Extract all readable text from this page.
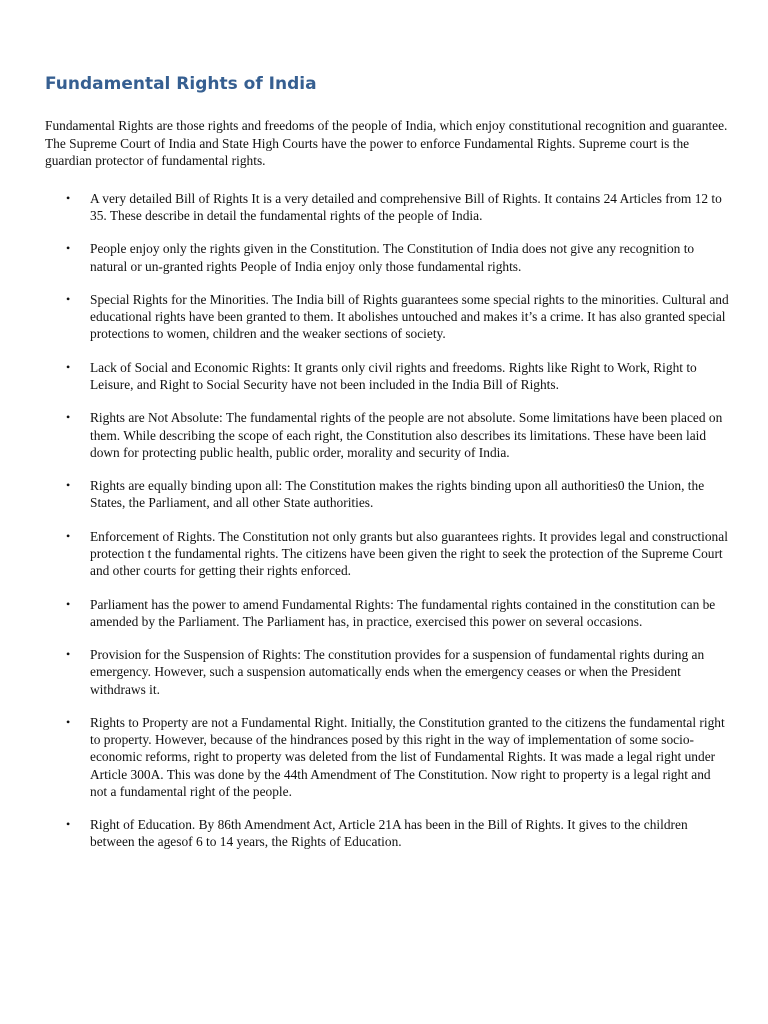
Fundamental Rights of India

Fundamental Rights are those rights and freedoms of the people of India, which enjoy constitutional recognition and guarantee. The Supreme Court of India and State High Courts have the power to enforce Fundamental Rights. Supreme court is the guardian protector of fundamental rights.

• A very detailed Bill of Rights It is a very detailed and comprehensive Bill of Rights. It contains 24 Articles from 12 to 35. These describe in detail the fundamental rights of the people of India.
• People enjoy only the rights given in the Constitution. The Constitution of India does not give any recognition to natural or un-granted rights People of India enjoy only those fundamental rights.
• Special Rights for the Minorities. The India bill of Rights guarantees some special rights to the minorities. Cultural and educational rights have been granted to them. It abolishes untouched and makes it’s a crime. It has also granted special protections to women, children and the weaker sections of society.
• Lack of Social and Economic Rights: It grants only civil rights and freedoms. Rights like Right to Work, Right to Leisure, and Right to Social Security have not been included in the India Bill of Rights.
• Rights are Not Absolute: The fundamental rights of the people are not absolute. Some limitations have been placed on them. While describing the scope of each right, the Constitution also describes its limitations. These have been laid down for protecting public health, public order, morality and security of India.
• Rights are equally binding upon all: The Constitution makes the rights binding upon all authorities0 the Union, the States, the Parliament, and all other State authorities.
• Enforcement of Rights. The Constitution not only grants but also guarantees rights. It provides legal and constructional protection t the fundamental rights. The citizens have been given the right to seek the protection of the Supreme Court and other courts for getting their rights enforced.
• Parliament has the power to amend Fundamental Rights: The fundamental rights contained in the constitution can be amended by the Parliament. The Parliament has, in practice, exercised this power on several occasions.
• Provision for the Suspension of Rights: The constitution provides for a suspension of fundamental rights during an emergency. However, such a suspension automatically ends when the emergency ceases or when the President withdraws it.
• Rights to Property are not a Fundamental Right. Initially, the Constitution granted to the citizens the fundamental right to property. However, because of the hindrances posed by this right in the way of implementation of some socio-economic reforms, right to property was deleted from the list of Fundamental Rights. It was made a legal right under Article 300A. This was done by the 44th Amendment of The Constitution. Now right to property is a legal right and not a fundamental right of the people.
• Right of Education. By 86th Amendment Act, Article 21A has been in the Bill of Rights. It gives to the children between the agesof 6 to 14 years, the Rights of Education.
